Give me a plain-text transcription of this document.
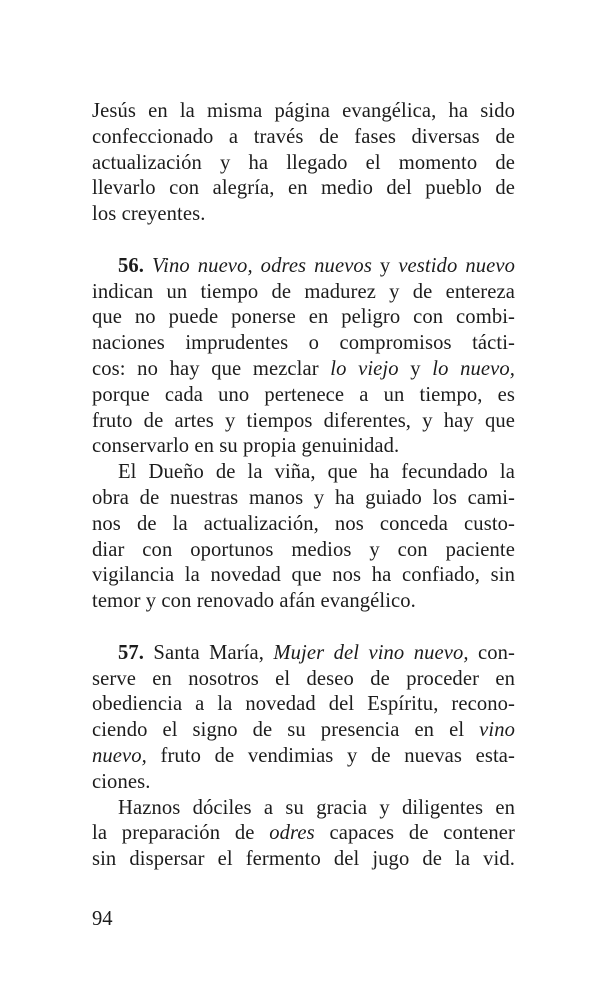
Jesús en la misma página evangélica, ha sido
confeccionado a través de fases diversas de
actualización y ha llegado el momento de
llevarlo con alegría, en medio del pueblo de
los creyentes.
56. Vino nuevo, odres nuevos y vestido nuevo
indican un tiempo de madurez y de entereza
que no puede ponerse en peligro con combi-
naciones imprudentes o compromisos tácti-
cos: no hay que mezclar lo viejo y lo nuevo,
porque cada uno pertenece a un tiempo, es
fruto de artes y tiempos diferentes, y hay que
conservarlo en su propia genuinidad.
El Dueño de la viña, que ha fecundado la
obra de nuestras manos y ha guiado los cami-
nos de la actualización, nos conceda custo-
diar con oportunos medios y con paciente
vigilancia la novedad que nos ha confiado, sin
temor y con renovado afán evangélico.
57. Santa María, Mujer del vino nuevo, con-
serve en nosotros el deseo de proceder en
obediencia a la novedad del Espíritu, recono-
ciendo el signo de su presencia en el vino
nuevo, fruto de vendimias y de nuevas esta-
ciones.
Haznos dóciles a su gracia y diligentes en
la preparación de odres capaces de contener
sin dispersar el fermento del jugo de la vid.
94
